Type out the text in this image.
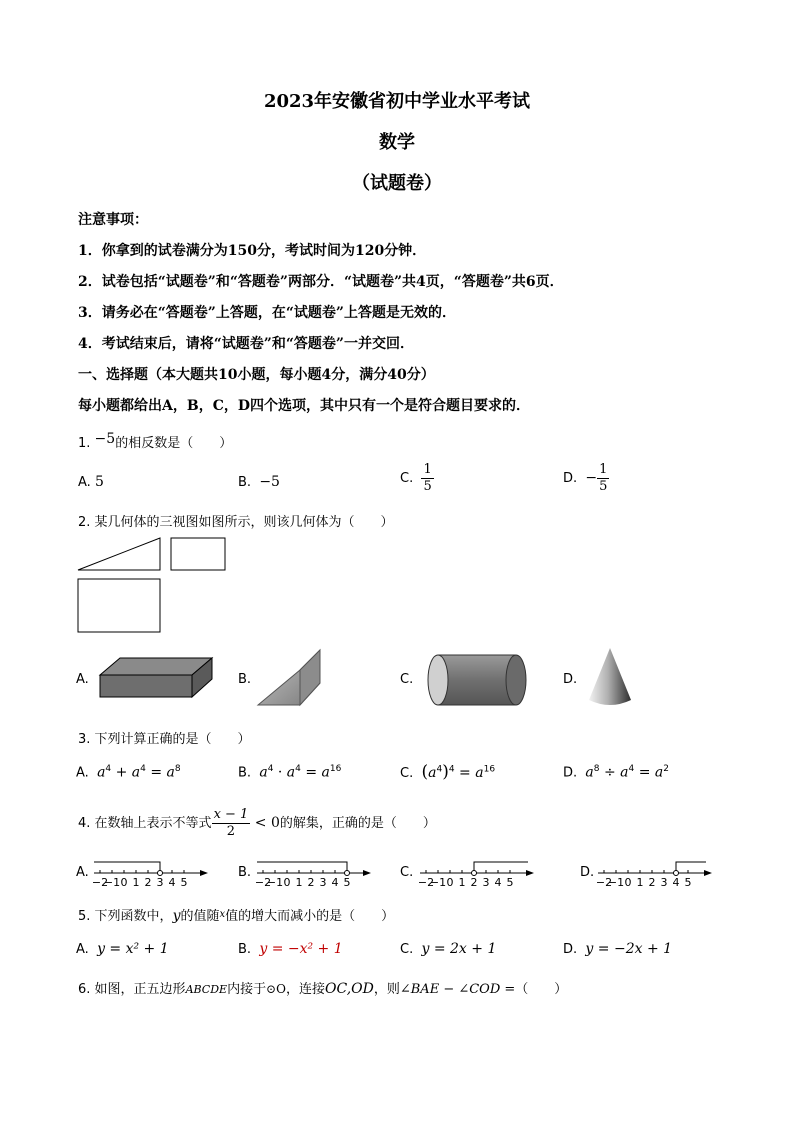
2023年安徽省初中学业水平考试
数学
（试题卷）
注意事项：
1．你拿到的试卷满分为150分，考试时间为120分钟．
2．试卷包括“试题卷”和“答题卷”两部分．“试题卷”共4页，“答题卷”共6页．
3．请务必在“答题卷”上答题，在“试题卷”上答题是无效的．
4．考试结束后，请将“试题卷”和“答题卷”一并交回．
一、选择题（本大题共10小题，每小题4分，满分40分）
每小题都给出A，B，C，D四个选项，其中只有一个是符合题目要求的．
1. −5的相反数是（　　）
A. 5	B. −5	C. $\frac{1}{5}$	D. − $\frac{1}{5}$
2. 某几何体的三视图如图所示，则该几何体为（　　）
A.	B.	C.	D.
3. 下列计算正确的是（　　）
A. $a^4 + a^4 = a^8$	B. $a^4 \cdot a^4 = a^{16}$	C. $(a^4)^4 = a^{16}$	D. $a^8 \div a^4 = a^2$
4. 在数轴上表示不等式 $\frac{x - 1}{2} < 0$的解集，正确的是（　　）
A.	B.	C.	D.
−2
−1 0 1 2 3 4 5	−2
−1 0 1 2 3 4 5	−2
−1 0 1 2 3 4 5	−2
−1 0 1 2 3 4 5
5. 下列函数中，y的值随$^x$值的增大而减小的是（　　）
A. y = x² + 1	B. y = −x² + 1	C. y = 2x + 1	D. y = −2x + 1
6. 如图，正五边形ABCDE内接于⊙O，连接OC,OD，则∠BAE − ∠COD =（　　）
